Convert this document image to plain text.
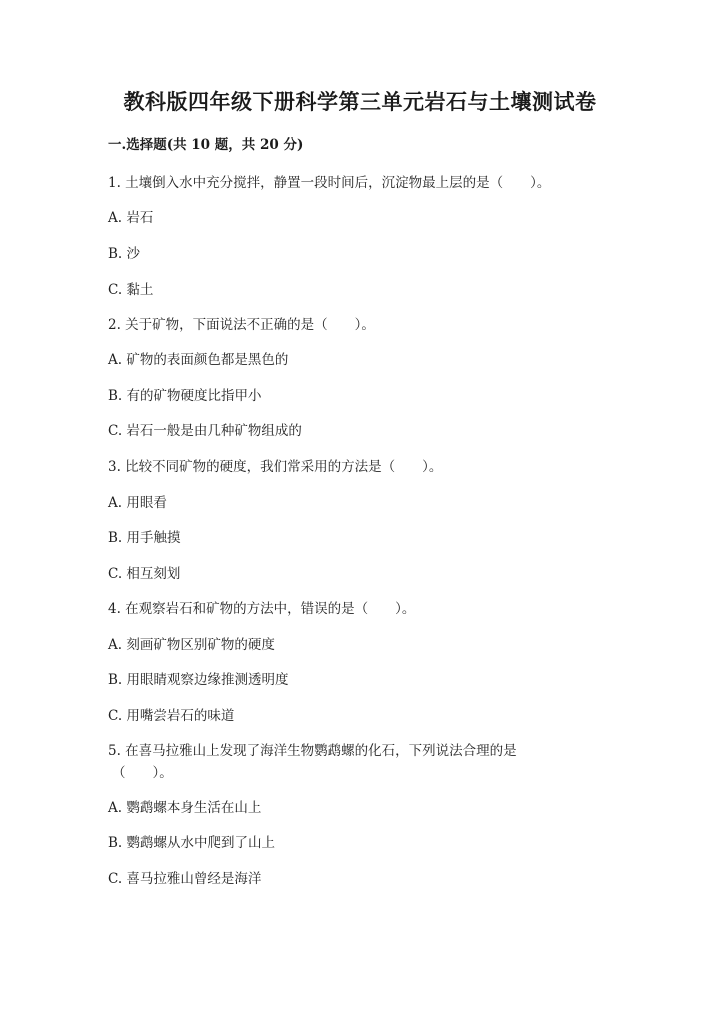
教科版四年级下册科学第三单元岩石与土壤测试卷
一.选择题(共 10 题，共 20 分)
1. 土壤倒入水中充分搅拌，静置一段时间后，沉淀物最上层的是（　　）。
A. 岩石
B. 沙
C. 黏土
2. 关于矿物，下面说法不正确的是（　　）。
A. 矿物的表面颜色都是黑色的
B. 有的矿物硬度比指甲小
C. 岩石一般是由几种矿物组成的
3. 比较不同矿物的硬度，我们常采用的方法是（　　）。
A. 用眼看
B. 用手触摸
C. 相互刻划
4. 在观察岩石和矿物的方法中，错误的是（　　）。
A. 刻画矿物区别矿物的硬度
B. 用眼睛观察边缘推测透明度
C. 用嘴尝岩石的味道
5. 在喜马拉雅山上发现了海洋生物鹦鹉螺的化石，下列说法合理的是
（　　）。
A. 鹦鹉螺本身生活在山上
B. 鹦鹉螺从水中爬到了山上
C. 喜马拉雅山曾经是海洋
